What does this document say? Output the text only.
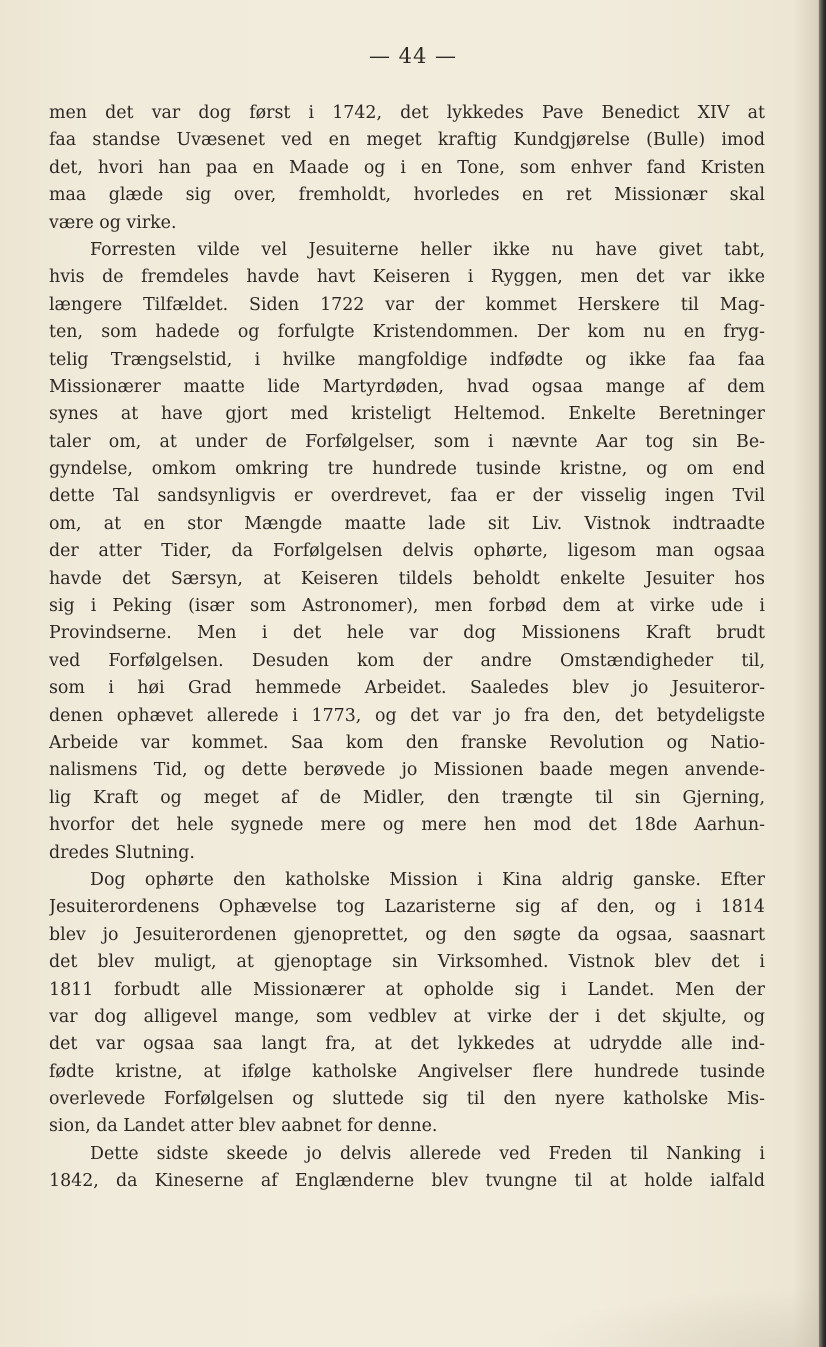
— 44 —
men det var dog først i 1742, det lykkedes Pave Benedict XIV at
faa standse Uvæsenet ved en meget kraftig Kundgjørelse (Bulle) imod
det, hvori han paa en Maade og i en Tone, som enhver fand Kristen
maa glæde sig over, fremholdt, hvorledes en ret Missionær skal
være og virke.
Forresten vilde vel Jesuiterne heller ikke nu have givet tabt,
hvis de fremdeles havde havt Keiseren i Ryggen, men det var ikke
længere Tilfældet. Siden 1722 var der kommet Herskere til Mag-
ten, som hadede og forfulgte Kristendommen. Der kom nu en fryg-
telig Trængselstid, i hvilke mangfoldige indfødte og ikke faa faa
Missionærer maatte lide Martyrdøden, hvad ogsaa mange af dem
synes at have gjort med kristeligt Heltemod. Enkelte Beretninger
taler om, at under de Forfølgelser, som i nævnte Aar tog sin Be-
gyndelse, omkom omkring tre hundrede tusinde kristne, og om end
dette Tal sandsynligvis er overdrevet, faa er der visselig ingen Tvil
om, at en stor Mængde maatte lade sit Liv. Vistnok indtraadte
der atter Tider, da Forfølgelsen delvis ophørte, ligesom man ogsaa
havde det Særsyn, at Keiseren tildels beholdt enkelte Jesuiter hos
sig i Peking (især som Astronomer), men forbød dem at virke ude i
Provindserne. Men i det hele var dog Missionens Kraft brudt
ved Forfølgelsen. Desuden kom der andre Omstændigheder til,
som i høi Grad hemmede Arbeidet. Saaledes blev jo Jesuiteror-
denen ophævet allerede i 1773, og det var jo fra den, det betydeligste
Arbeide var kommet. Saa kom den franske Revolution og Natio-
nalismens Tid, og dette berøvede jo Missionen baade megen anvende-
lig Kraft og meget af de Midler, den trængte til sin Gjerning,
hvorfor det hele sygnede mere og mere hen mod det 18de Aarhun-
dredes Slutning.
Dog ophørte den katholske Mission i Kina aldrig ganske. Efter
Jesuiterordenens Ophævelse tog Lazaristerne sig af den, og i 1814
blev jo Jesuiterordenen gjenoprettet, og den søgte da ogsaa, saasnart
det blev muligt, at gjenoptage sin Virksomhed. Vistnok blev det i
1811 forbudt alle Missionærer at opholde sig i Landet. Men der
var dog alligevel mange, som vedblev at virke der i det skjulte, og
det var ogsaa saa langt fra, at det lykkedes at udrydde alle ind-
fødte kristne, at ifølge katholske Angivelser flere hundrede tusinde
overlevede Forfølgelsen og sluttede sig til den nyere katholske Mis-
sion, da Landet atter blev aabnet for denne.
Dette sidste skeede jo delvis allerede ved Freden til Nanking i
1842, da Kineserne af Englænderne blev tvungne til at holde ialfald
